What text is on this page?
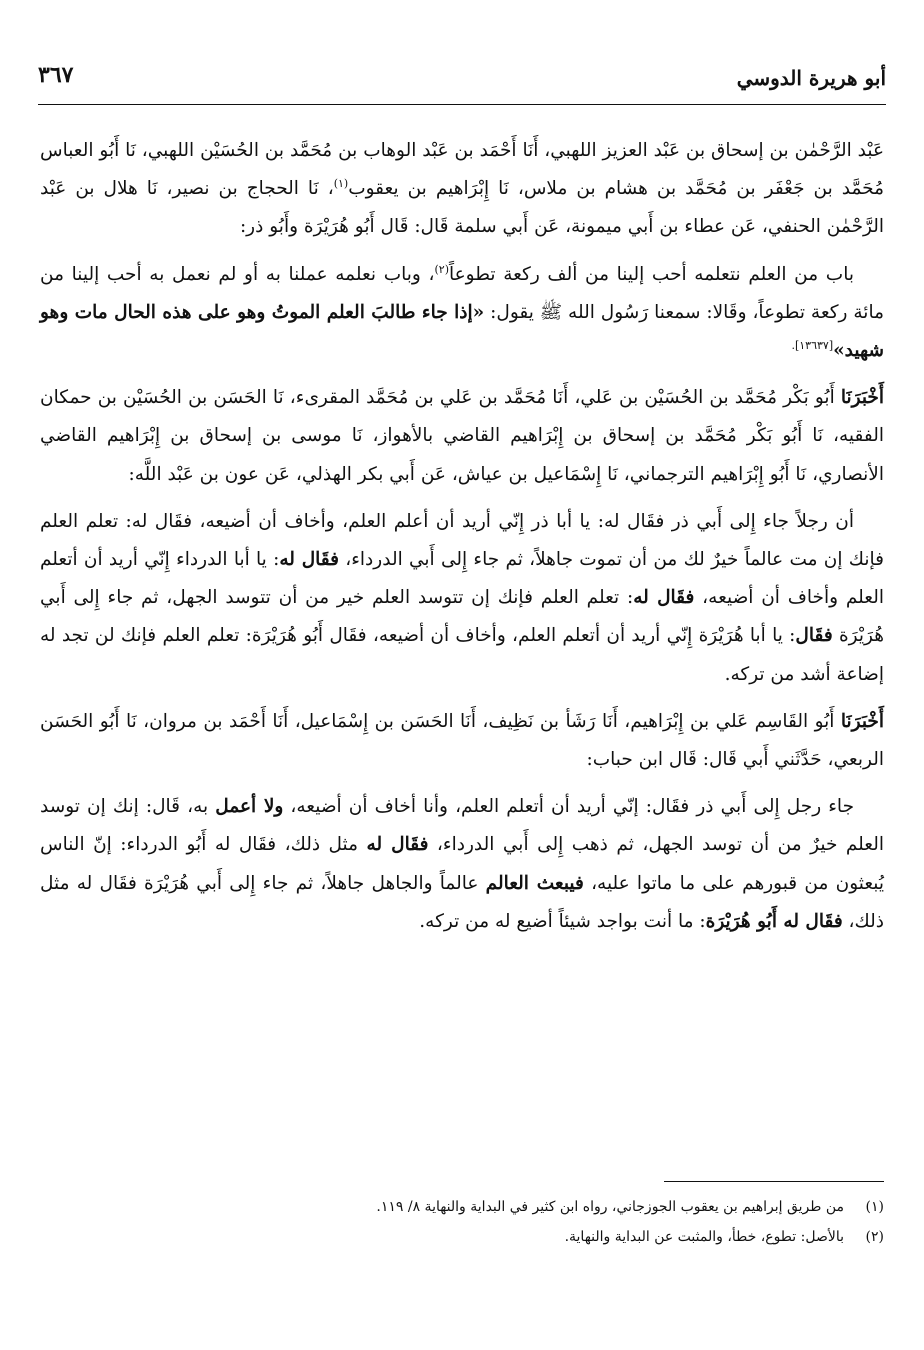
أبو هريرة الدوسي
٣٦٧

عَبْد الرَّحْمٰن بن إسحاق بن عَبْد العزيز اللهبي، أَنَا أَحْمَد بن عَبْد الوهاب بن مُحَمَّد بن الحُسَيْن اللهبي، نَا أَبُو العباس مُحَمَّد بن جَعْفَر بن مُحَمَّد بن هشام بن ملاس، نَا إِبْرَاهيم بن يعقوب$^{(١)}$، نَا الحجاج بن نصير، نَا هلال بن عَبْد الرَّحْمٰن الحنفي، عَن عطاء بن أَبي ميمونة، عَن أَبي سلمة قَال: قَال أَبُو هُرَيْرَة وأَبُو ذر:

باب من العلم نتعلمه أحب إلينا من ألف ركعة تطوعاً$^{(٢)}$، وباب نعلمه عملنا به أو لم نعمل به أحب إلينا من مائة ركعة تطوعاً، وقَالا: سمعنا رَسُول الله ﷺ يقول: «إذا جاء طالبَ العلم الموتُ وهو على هذه الحال مات وهو شهيد»$^{[١٣٦٣٧].}$

أَخْبَرَنَا أَبُو بَكْر مُحَمَّد بن الحُسَيْن بن عَلي، أَنَا مُحَمَّد بن عَلي بن مُحَمَّد المقرىء، نَا الحَسَن بن الحُسَيْن بن حمكان الفقيه، نَا أَبُو بَكْر مُحَمَّد بن إسحاق بن إِبْرَاهيم القاضي بالأهواز، نَا موسى بن إسحاق بن إِبْرَاهيم القاضي الأنصاري، نَا أَبُو إِبْرَاهيم الترجماني، نَا إِسْمَاعيل بن عياش، عَن أَبي بكر الهذلي، عَن عون بن عَبْد اللَّه:

أن رجلاً جاء إِلى أَبي ذر فقَال له: يا أبا ذر إِنّي أريد أن أعلم العلم، وأخاف أن أضيعه، فقَال له: تعلم العلم فإنك إن مت عالماً خيرٌ لك من أن تموت جاهلاً، ثم جاء إِلى أَبي الدرداء، فقَال له: يا أبا الدرداء إِنّي أريد أن أتعلم العلم وأخاف أن أضيعه، فقَال له: تعلم العلم فإنك إن تتوسد العلم خير من أن تتوسد الجهل، ثم جاء إِلى أَبي هُرَيْرَة فقَال: يا أبا هُرَيْرَة إِنّي أريد أن أتعلم العلم، وأخاف أن أضيعه، فقَال أَبُو هُرَيْرَة: تعلم العلم فإنك لن تجد له إضاعة أشد من تركه.

أَخْبَرَنَا أَبُو القَاسِم عَلي بن إِبْرَاهيم، أَنَا رَشَأ بن نَظِيف، أَنَا الحَسَن بن إِسْمَاعيل، أَنَا أَحْمَد بن مروان، نَا أَبُو الحَسَن الربعي، حَدَّثَني أَبي قَال: قَال ابن حباب:

جاء رجل إِلى أَبي ذر فقَال: إنّي أريد أن أتعلم العلم، وأنا أخاف أن أضيعه، ولا أعمل به، قَال: إنك إن توسد العلم خيرٌ من أن توسد الجهل، ثم ذهب إِلى أَبي الدرداء، فقَال له مثل ذلك، فقَال له أَبُو الدرداء: إنّ الناس يُبعثون من قبورهم على ما ماتوا عليه، فيبعث العالم عالماً والجاهل جاهلاً، ثم جاء إِلى أَبي هُرَيْرَة فقَال له مثل ذلك، فقَال له أَبُو هُرَيْرَة: ما أنت بواجد شيئاً أضيع له من تركه.

(١)من طريق إبراهيم بن يعقوب الجوزجاني، رواه ابن كثير في البداية والنهاية ٨/ ١١٩.

(٢)بالأصل: تطوع، خطأ، والمثبت عن البداية والنهاية.
